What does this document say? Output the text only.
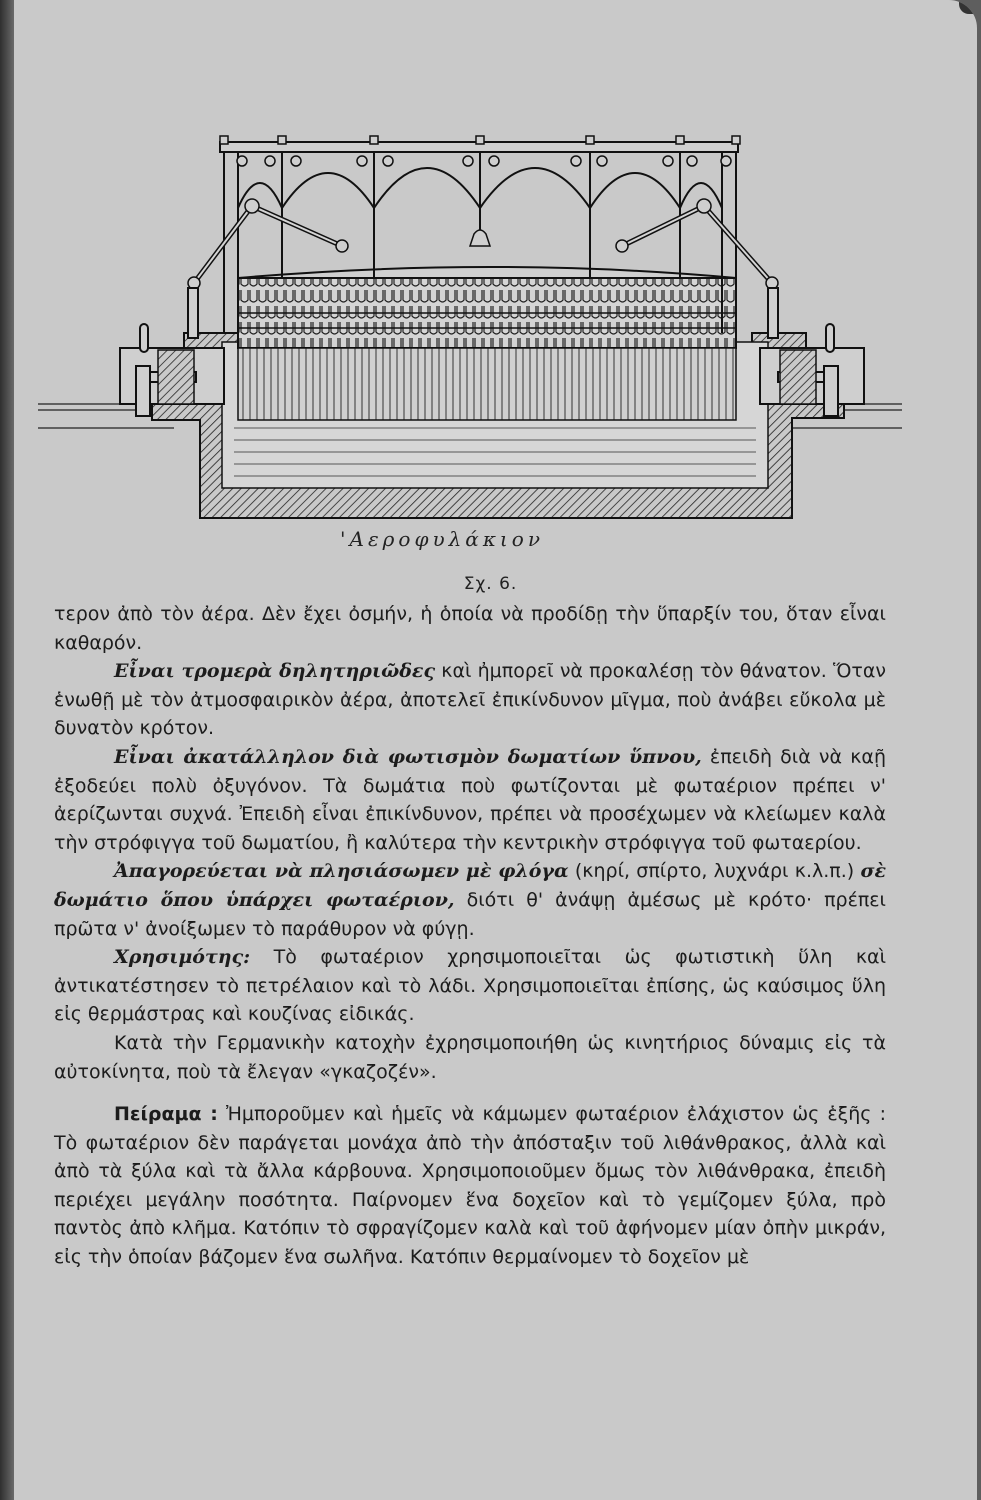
'Αεροφυλάκιον
Σχ. 6.

τερον ἀπὸ τὸν ἀέρα. Δὲν ἔχει ὀσμήν, ἡ ὁποία νὰ προδίδῃ τὴν ὕπαρξίν του, ὅταν εἶναι καθαρόν.

Εἶναι τρομερὰ δηλητηριῶδες καὶ ἠμπορεῖ νὰ προκαλέσῃ τὸν θάνατον. Ὅταν ἑνωθῇ μὲ τὸν ἀτμοσφαιρικὸν ἀέρα, ἀποτελεῖ ἐπικίνδυνον μῖγμα, ποὺ ἀνάβει εὔκολα μὲ δυνατὸν κρότον.

Εἶναι ἀκατάλληλον διὰ φωτισμὸν δωματίων ὕπνου, ἐπειδὴ διὰ νὰ καῇ ἐξοδεύει πολὺ ὀξυγόνον. Τὰ δωμάτια ποὺ φωτίζονται μὲ φωταέριον πρέπει ν' ἀερίζωνται συχνά. Ἐπειδὴ εἶναι ἐπικίνδυνον, πρέπει νὰ προσέχωμεν νὰ κλείωμεν καλὰ τὴν στρόφιγγα τοῦ δωματίου, ἢ καλύτερα τὴν κεντρικὴν στρόφιγγα τοῦ φωταερίου.

Ἀπαγορεύεται νὰ πλησιάσωμεν μὲ φλόγα (κηρί, σπίρτο, λυχνάρι κ.λ.π.) σὲ δωμάτιο ὅπου ὑπάρχει φωταέριον, διότι θ' ἀνάψῃ ἀμέσως μὲ κρότο· πρέπει πρῶτα ν' ἀνοίξωμεν τὸ παράθυρον νὰ φύγῃ.

Χρησιμότης: Τὸ φωταέριον χρησιμοποιεῖται ὡς φωτιστικὴ ὕλη καὶ ἀντικατέστησεν τὸ πετρέλαιον καὶ τὸ λάδι. Χρησιμοποιεῖται ἐπίσης, ὡς καύσιμος ὕλη εἰς θερμάστρας καὶ κουζίνας εἰδικάς.

Κατὰ τὴν Γερμανικὴν κατοχὴν ἐχρησιμοποιήθη ὡς κινητήριος δύναμις εἰς τὰ αὐτοκίνητα, ποὺ τὰ ἔλεγαν «γκαζοζέν».

Πείραμα : Ἠμποροῦμεν καὶ ἡμεῖς νὰ κάμωμεν φωταέριον ἐλάχιστον ὡς ἑξῆς : Τὸ φωταέριον δὲν παράγεται μονάχα ἀπὸ τὴν ἀπόσταξιν τοῦ λιθάνθρακος, ἀλλὰ καὶ ἀπὸ τὰ ξύλα καὶ τὰ ἄλλα κάρβουνα. Χρησιμοποιοῦμεν ὅμως τὸν λιθάνθρακα, ἐπειδὴ περιέχει μεγάλην ποσότητα. Παίρνομεν ἕνα δοχεῖον καὶ τὸ γεμίζομεν ξύλα, πρὸ παντὸς ἀπὸ κλῆμα. Κατόπιν τὸ σφραγίζομεν καλὰ καὶ τοῦ ἀφήνομεν μίαν ὀπὴν μικράν, εἰς τὴν ὁποίαν βάζομεν ἕνα σωλῆνα. Κατόπιν θερμαίνομεν τὸ δοχεῖον μὲ
